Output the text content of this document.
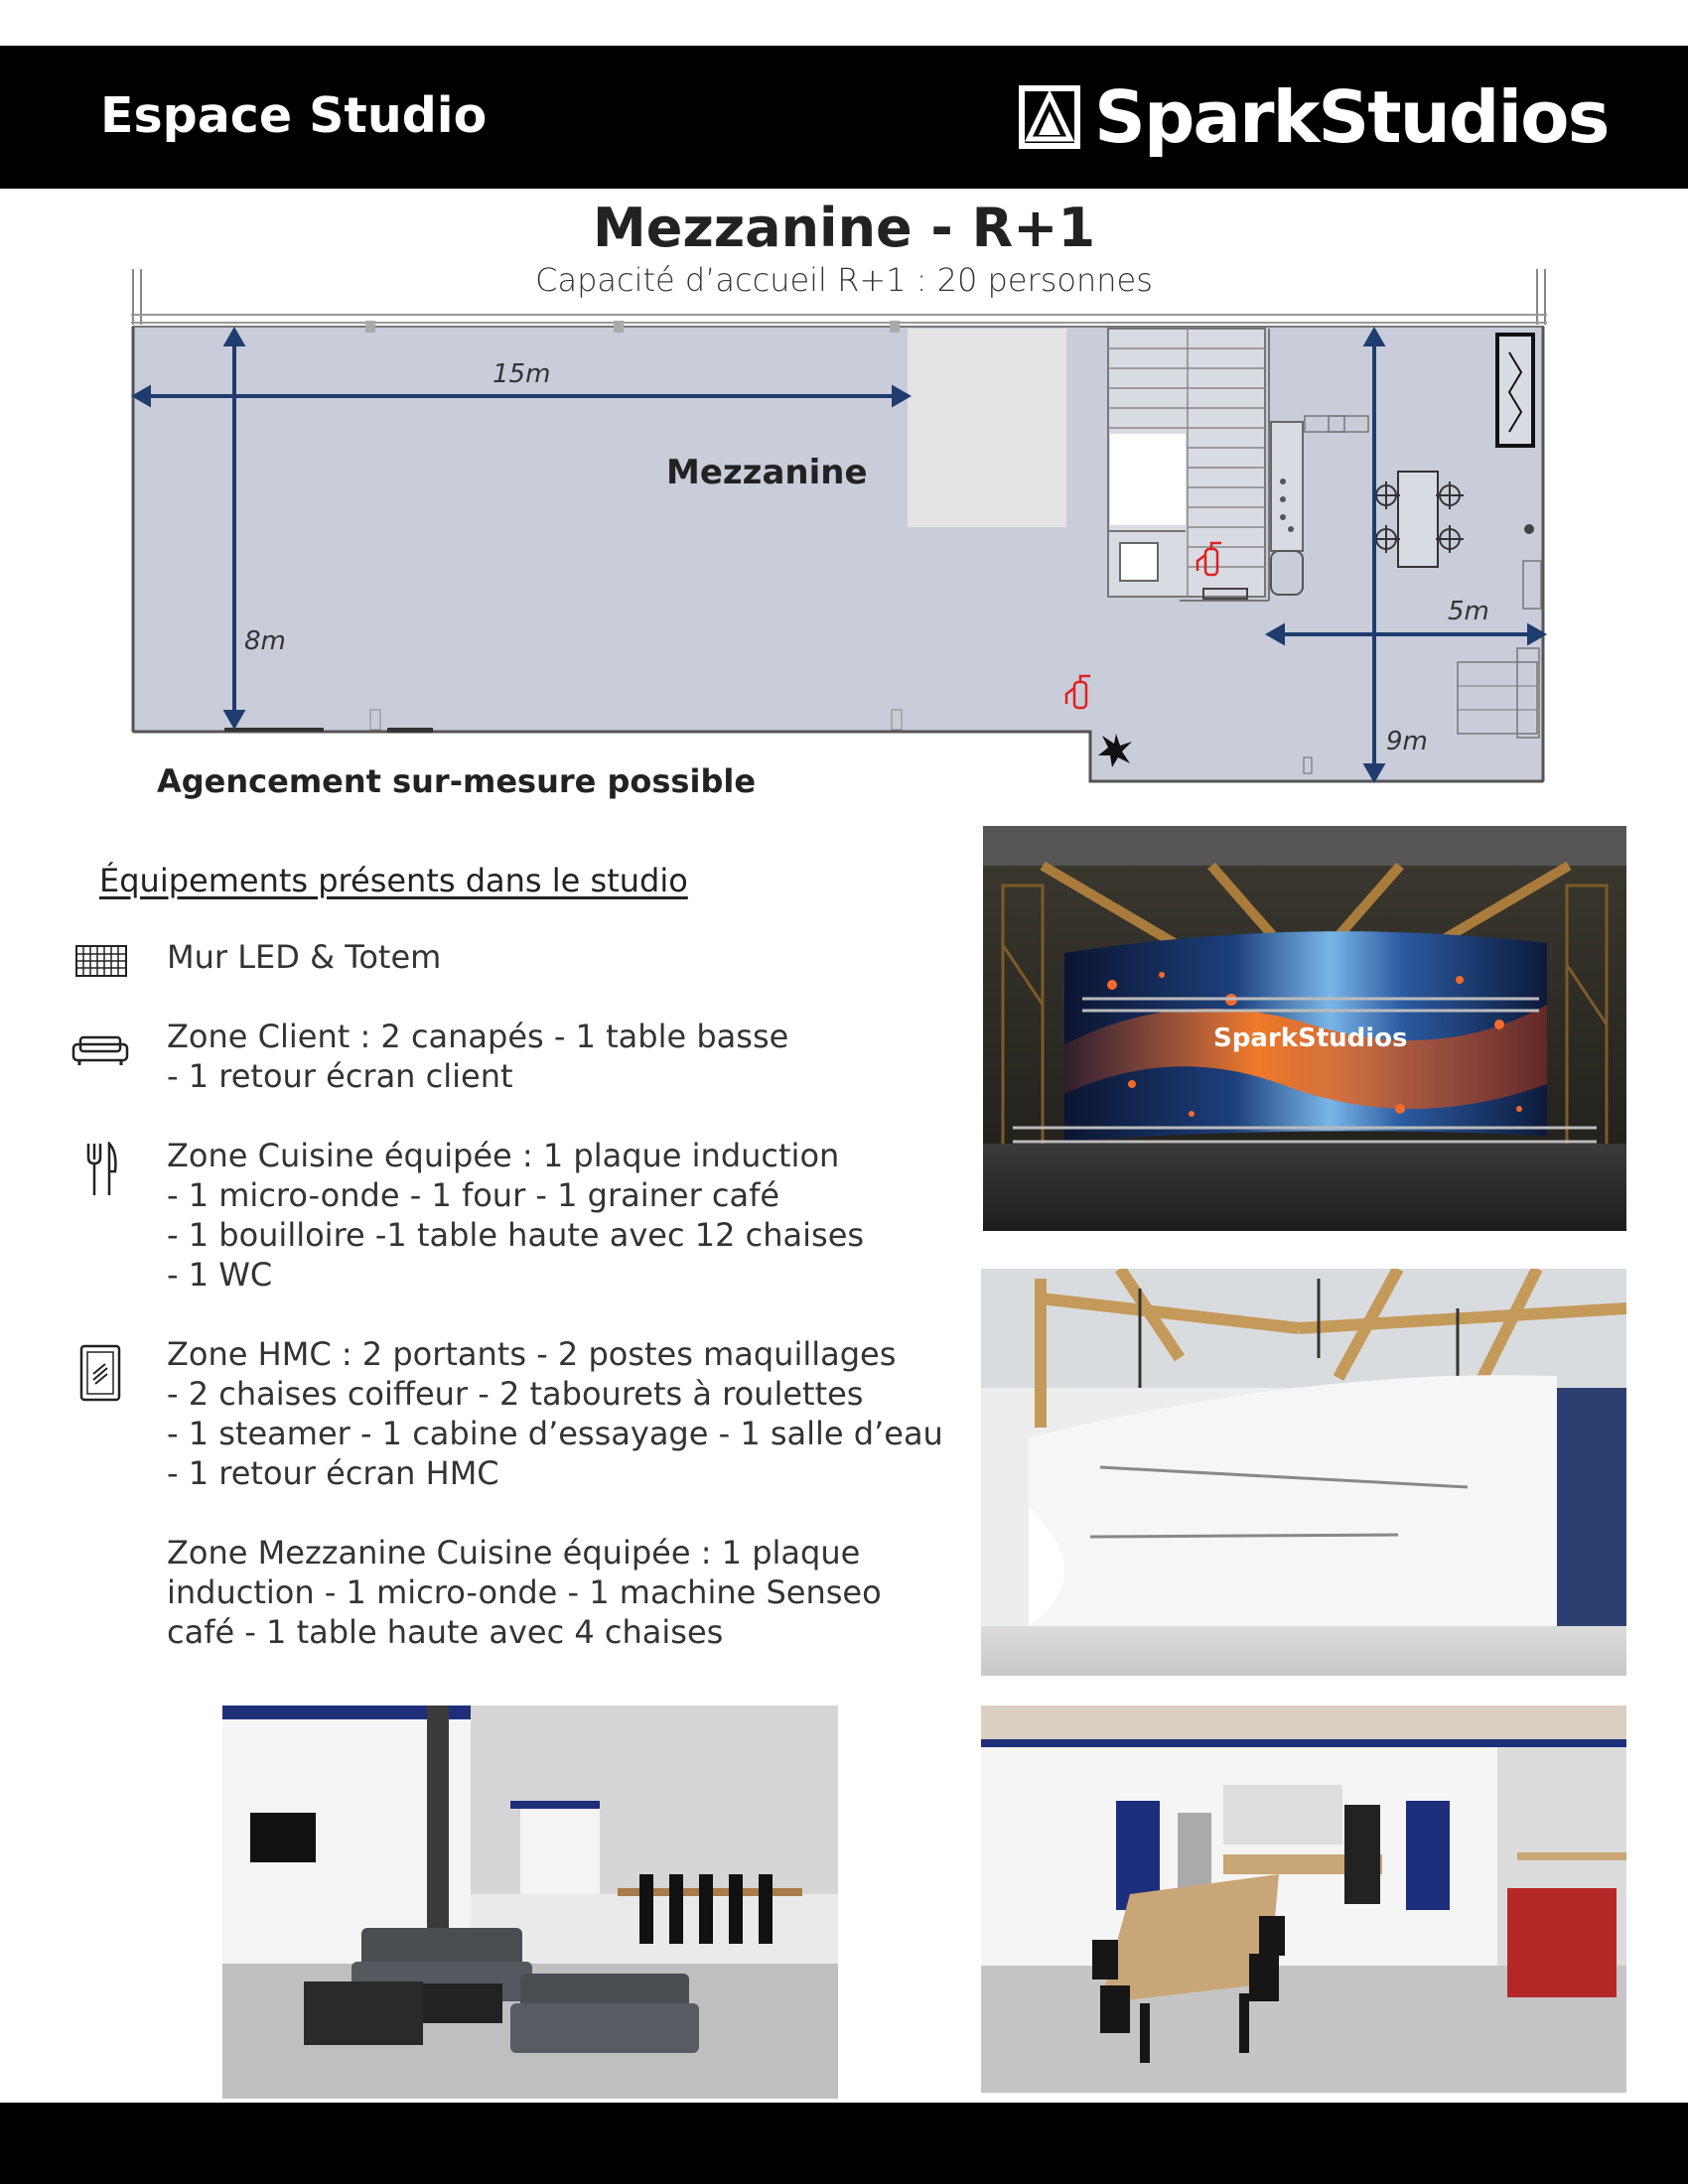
Espace Studio	SparkStudios
Mezzanine - R+1
Capacité d’accueil R+1 : 20 personnes
Mezzanine
15m
8m
5m
9m
Agencement sur-mesure possible
Équipements présents dans le studio
Mur LED & Totem
Zone Client : 2 canapés - 1 table basse
- 1 retour écran client
Zone Cuisine équipée : 1 plaque induction
- 1 micro-onde - 1 four - 1 grainer café
- 1 bouilloire -1 table haute avec 12 chaises
- 1 WC
Zone HMC : 2 portants - 2 postes maquillages
- 2 chaises coiffeur - 2 tabourets à roulettes
- 1 steamer - 1 cabine d’essayage - 1 salle d’eau
- 1 retour écran HMC
Zone Mezzanine Cuisine équipée : 1 plaque
induction - 1 micro-onde - 1 machine Senseo
café - 1 table haute avec 4 chaises
SparkStudios
